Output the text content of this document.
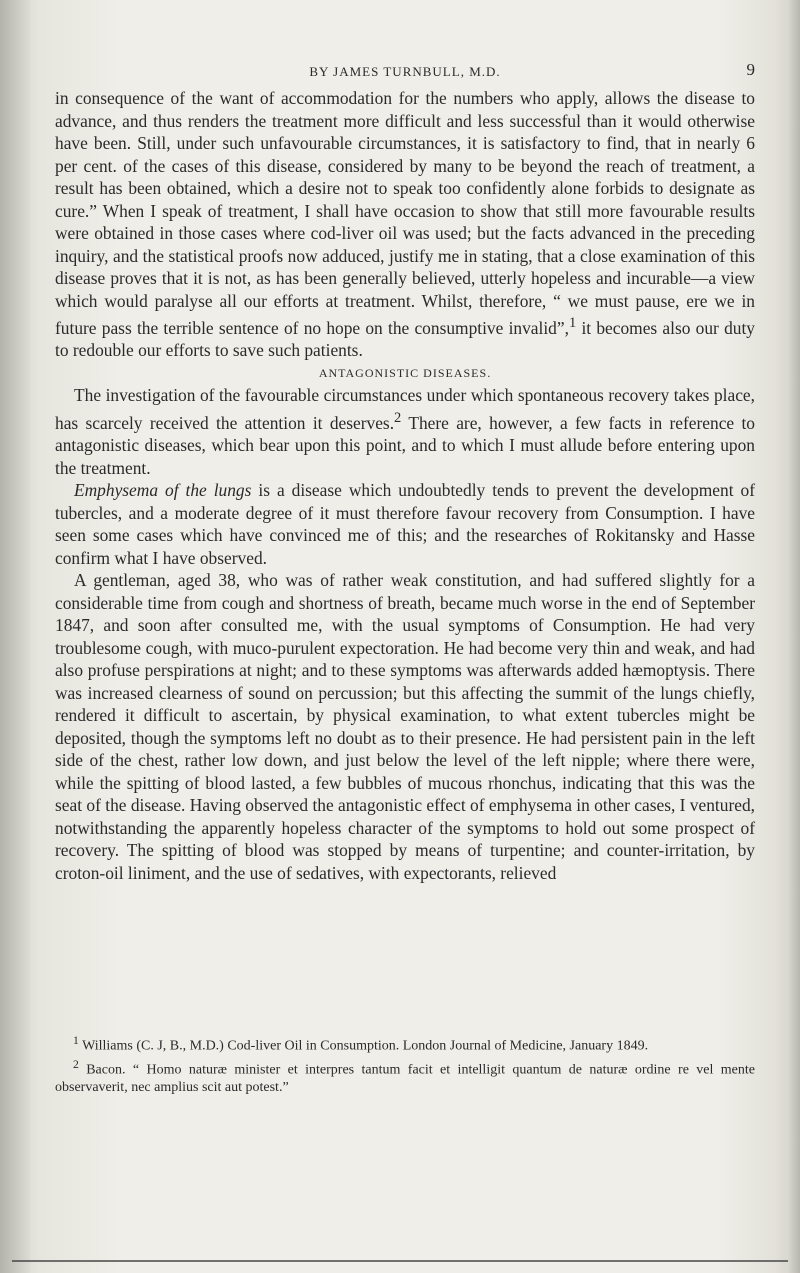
BY JAMES TURNBULL, M.D.	9

in consequence of the want of accommodation for the numbers who apply, allows the disease to advance, and thus renders the treatment more difficult and less successful than it would otherwise have been. Still, under such unfavourable circumstances, it is satisfactory to find, that in nearly 6 per cent. of the cases of this disease, considered by many to be beyond the reach of treatment, a result has been obtained, which a desire not to speak too confidently alone forbids to designate as cure.” When I speak of treatment, I shall have occasion to show that still more favourable results were obtained in those cases where cod-liver oil was used; but the facts advanced in the preceding inquiry, and the statistical proofs now adduced, justify me in stating, that a close examination of this disease proves that it is not, as has been generally believed, utterly hopeless and incurable—a view which would paralyse all our efforts at treatment. Whilst, therefore, “ we must pause, ere we in future pass the terrible sentence of no hope on the consumptive invalid”,$^1$ it becomes also our duty to redouble our efforts to save such patients.

ANTAGONISTIC DISEASES.

The investigation of the favourable circumstances under which spontaneous recovery takes place, has scarcely received the attention it deserves.$^2$ There are, however, a few facts in reference to antagonistic diseases, which bear upon this point, and to which I must allude before entering upon the treatment.

Emphysema of the lungs is a disease which undoubtedly tends to prevent the development of tubercles, and a moderate degree of it must therefore favour recovery from Consumption. I have seen some cases which have convinced me of this; and the researches of Rokitansky and Hasse confirm what I have observed.

A gentleman, aged 38, who was of rather weak constitution, and had suffered slightly for a considerable time from cough and shortness of breath, became much worse in the end of September 1847, and soon after consulted me, with the usual symptoms of Consumption. He had very troublesome cough, with muco-purulent expectoration. He had become very thin and weak, and had also profuse perspirations at night; and to these symptoms was afterwards added hæmoptysis. There was increased clearness of sound on percussion; but this affecting the summit of the lungs chiefly, rendered it difficult to ascertain, by physical examination, to what extent tubercles might be deposited, though the symptoms left no doubt as to their presence. He had persistent pain in the left side of the chest, rather low down, and just below the level of the left nipple; where there were, while the spitting of blood lasted, a few bubbles of mucous rhonchus, indicating that this was the seat of the disease. Having observed the antagonistic effect of emphysema in other cases, I ventured, notwithstanding the apparently hopeless character of the symptoms to hold out some prospect of recovery. The spitting of blood was stopped by means of turpentine; and counter-irritation, by croton-oil liniment, and the use of sedatives, with expectorants, relieved

$^1$ Williams (C. J, B., M.D.) Cod-liver Oil in Consumption. London Journal of Medicine, January 1849.

$^2$ Bacon. “ Homo naturæ minister et interpres tantum facit et intelligit quantum de naturæ ordine re vel mente observaverit, nec amplius scit aut potest.”
